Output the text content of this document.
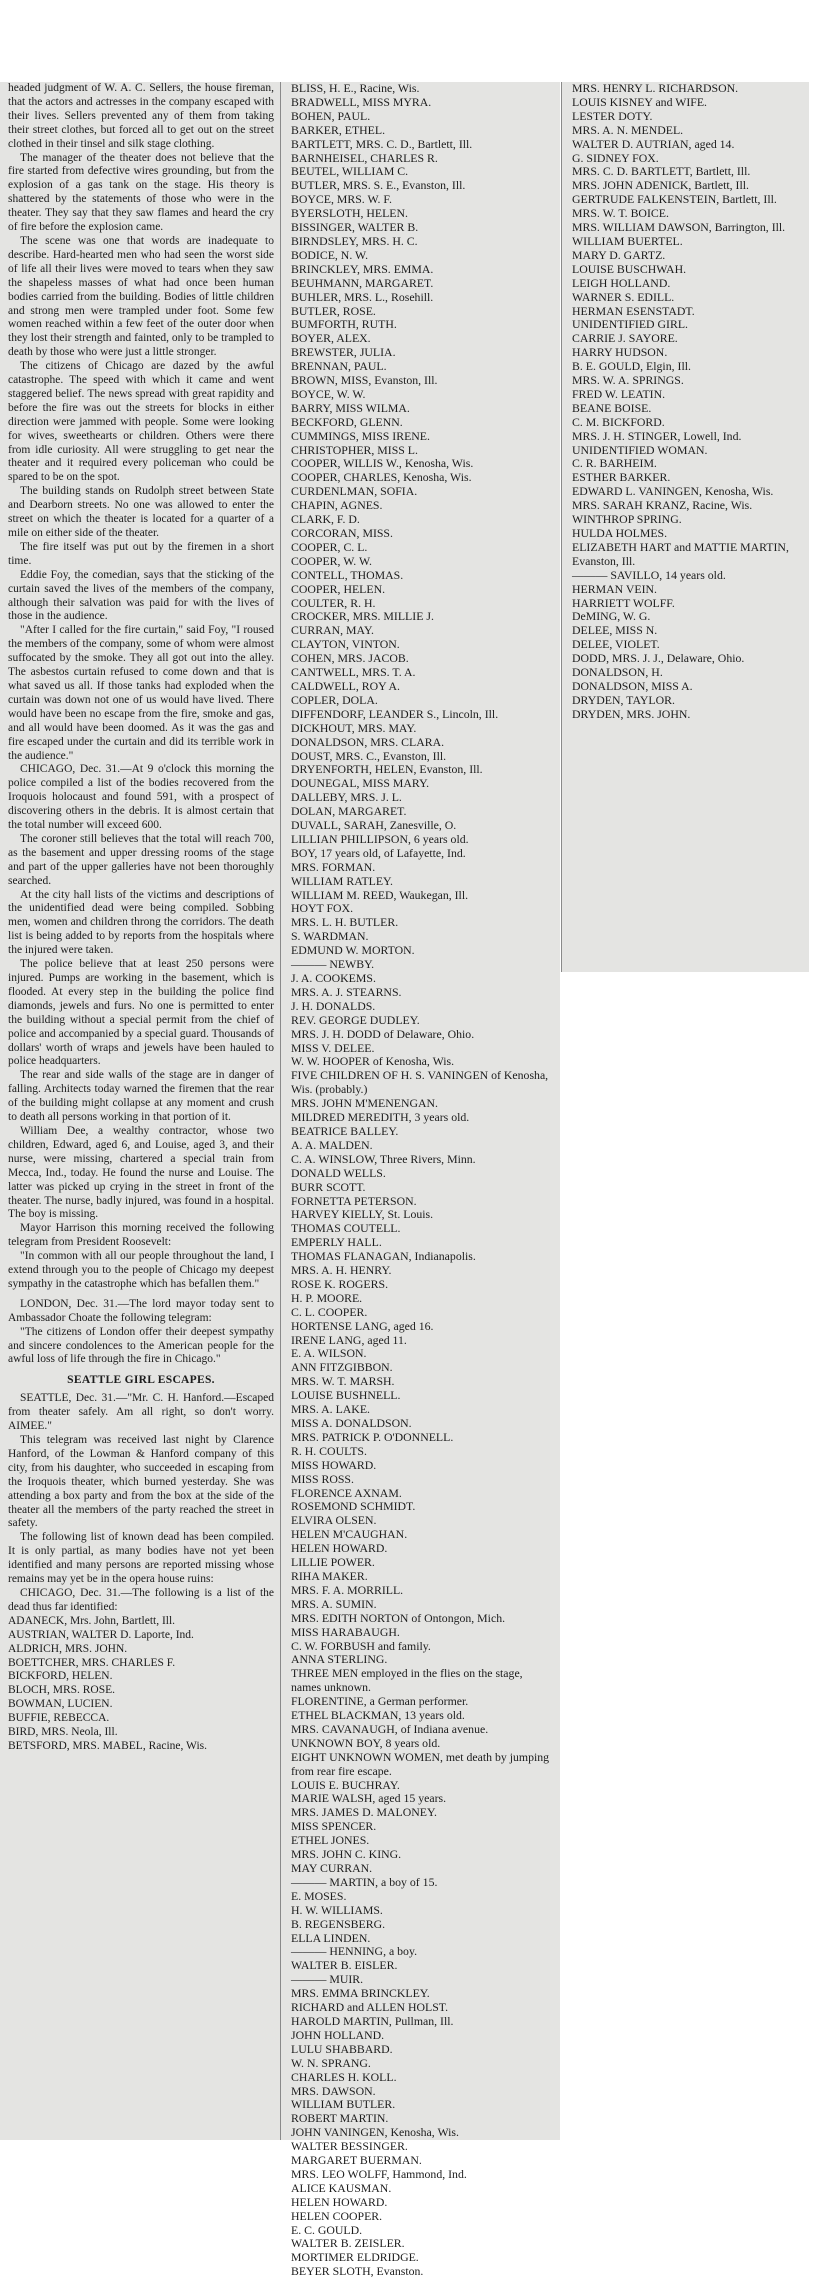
headed judgment of W. A. C. Sellers, the house fireman, that the actors and actresses in the company escaped with their lives. Sellers prevented any of them from taking their street clothes, but forced all to get out on the street clothed in their tinsel and silk stage clothing.

The manager of the theater does not believe that the fire started from defective wires grounding, but from the explosion of a gas tank on the stage. His theory is shattered by the statements of those who were in the theater. They say that they saw flames and heard the cry of fire before the explosion came.

The scene was one that words are inadequate to describe. Hard-hearted men who had seen the worst side of life all their lives were moved to tears when they saw the shapeless masses of what had once been human bodies carried from the building. Bodies of little children and strong men were trampled under foot. Some few women reached within a few feet of the outer door when they lost their strength and fainted, only to be trampled to death by those who were just a little stronger.

The citizens of Chicago are dazed by the awful catastrophe. The speed with which it came and went staggered belief. The news spread with great rapidity and before the fire was out the streets for blocks in either direction were jammed with people. Some were looking for wives, sweethearts or children. Others were there from idle curiosity. All were struggling to get near the theater and it required every policeman who could be spared to be on the spot.

The building stands on Rudolph street between State and Dearborn streets. No one was allowed to enter the street on which the theater is located for a quarter of a mile on either side of the theater.

The fire itself was put out by the firemen in a short time.

Eddie Foy, the comedian, says that the sticking of the curtain saved the lives of the members of the company, although their salvation was paid for with the lives of those in the audience.

"After I called for the fire curtain," said Foy, "I roused the members of the company, some of whom were almost suffocated by the smoke. They all got out into the alley. The asbestos curtain refused to come down and that is what saved us all. If those tanks had exploded when the curtain was down not one of us would have lived. There would have been no escape from the fire, smoke and gas, and all would have been doomed. As it was the gas and fire escaped under the curtain and did its terrible work in the audience."

CHICAGO, Dec. 31.—At 9 o'clock this morning the police compiled a list of the bodies recovered from the Iroquois holocaust and found 591, with a prospect of discovering others in the debris. It is almost certain that the total number will exceed 600.

The coroner still believes that the total will reach 700, as the basement and upper dressing rooms of the stage and part of the upper galleries have not been thoroughly searched.

At the city hall lists of the victims and descriptions of the unidentified dead were being compiled. Sobbing men, women and children throng the corridors. The death list is being added to by reports from the hospitals where the injured were taken.

The police believe that at least 250 persons were injured. Pumps are working in the basement, which is flooded. At every step in the building the police find diamonds, jewels and furs. No one is permitted to enter the building without a special permit from the chief of police and accompanied by a special guard. Thousands of dollars' worth of wraps and jewels have been hauled to police headquarters.

The rear and side walls of the stage are in danger of falling. Architects today warned the firemen that the rear of the building might collapse at any moment and crush to death all persons working in that portion of it.

William Dee, a wealthy contractor, whose two children, Edward, aged 6, and Louise, aged 3, and their nurse, were missing, chartered a special train from Mecca, Ind., today. He found the nurse and Louise. The latter was picked up crying in the street in front of the theater. The nurse, badly injured, was found in a hospital. The boy is missing.

Mayor Harrison this morning received the following telegram from President Roosevelt:

"In common with all our people throughout the land, I extend through you to the people of Chicago my deepest sympathy in the catastrophe which has befallen them."

LONDON, Dec. 31.—The lord mayor today sent to Ambassador Choate the following telegram:

"The citizens of London offer their deepest sympathy and sincere condolences to the American people for the awful loss of life through the fire in Chicago."

SEATTLE GIRL ESCAPES.

SEATTLE, Dec. 31.—"Mr. C. H. Hanford.—Escaped from theater safely. Am all right, so don't worry. AIMEE."

This telegram was received last night by Clarence Hanford, of the Lowman & Hanford company of this city, from his daughter, who succeeded in escaping from the Iroquois theater, which burned yesterday. She was attending a box party and from the box at the side of the theater all the members of the party reached the street in safety.

The following list of known dead has been compiled. It is only partial, as many bodies have not yet been identified and many persons are reported missing whose remains may yet be in the opera house ruins:

CHICAGO, Dec. 31.—The following is a list of the dead thus far identified:

ADANECK, Mrs. John, Bartlett, Ill.
AUSTRIAN, WALTER D. Laporte, Ind.
ALDRICH, MRS. JOHN.
BOETTCHER, MRS. CHARLES F.
BICKFORD, HELEN.
BLOCH, MRS. ROSE.
BOWMAN, LUCIEN.
BUFFIE, REBECCA.
BIRD, MRS. Neola, Ill.
BETSFORD, MRS. MABEL, Racine, Wis.
BLISS, H. E., Racine, Wis.
BRADWELL, MISS MYRA.
BOHEN, PAUL.
BARKER, ETHEL.
BARTLETT, MRS. C. D., Bartlett, Ill.
BARNHEISEL, CHARLES R.
BEUTEL, WILLIAM C.
BUTLER, MRS. S. E., Evanston, Ill.
BOYCE, MRS. W. F.
BYERSLOTH, HELEN.
BISSINGER, WALTER B.
BIRNDSLEY, MRS. H. C.
BODICE, N. W.
BRINCKLEY, MRS. EMMA.
BEUHMANN, MARGARET.
BUHLER, MRS. L., Rosehill.
BUTLER, ROSE.
BUMFORTH, RUTH.
BOYER, ALEX.
BREWSTER, JULIA.
BRENNAN, PAUL.
BROWN, MISS, Evanston, Ill.
BOYCE, W. W.
BARRY, MISS WILMA.
BECKFORD, GLENN.
CUMMINGS, MISS IRENE.
CHRISTOPHER, MISS L.
COOPER, WILLIS W., Kenosha, Wis.
COOPER, CHARLES, Kenosha, Wis.
CURDENLMAN, SOFIA.
CHAPIN, AGNES.
CLARK, F. D.
CORCORAN, MISS.
COOPER, C. L.
COOPER, W. W.
CONTELL, THOMAS.
COOPER, HELEN.
COULTER, R. H.
CROCKER, MRS. MILLIE J.
CURRAN, MAY.
CLAYTON, VINTON.
COHEN, MRS. JACOB.
CANTWELL, MRS. T. A.
CALDWELL, ROY A.
COPLER, DOLA.
DIFFENDORF, LEANDER S., Lincoln, Ill.
DICKHOUT, MRS. MAY.
DONALDSON, MRS. CLARA.
DOUST, MRS. C., Evanston, Ill.
DRYENFORTH, HELEN, Evanston, Ill.
DOUNEGAL, MISS MARY.
DALLEBY, MRS. J. L.
DOLAN, MARGARET.
DUVALL, SARAH, Zanesville, O.
LILLIAN PHILLIPSON, 6 years old.
BOY, 17 years old, of Lafayette, Ind.
MRS. FORMAN.
WILLIAM RATLEY.
WILLIAM M. REED, Waukegan, Ill.
HOYT FOX.
MRS. L. H. BUTLER.
S. WARDMAN.
EDMUND W. MORTON.
——— NEWBY.
J. A. COOKEMS.
MRS. A. J. STEARNS.
J. H. DONALDS.
REV. GEORGE DUDLEY.
MRS. J. H. DODD of Delaware, Ohio.
MISS V. DELEE.
W. W. HOOPER of Kenosha, Wis.
FIVE CHILDREN OF H. S. VANINGEN of Kenosha, Wis. (probably.)
MRS. JOHN M'MENENGAN.
MILDRED MEREDITH, 3 years old.
BEATRICE BALLEY.
A. A. MALDEN.
C. A. WINSLOW, Three Rivers, Minn.
DONALD WELLS.
BURR SCOTT.
FORNETTA PETERSON.
HARVEY KIELLY, St. Louis.
THOMAS COUTELL.
EMPERLY HALL.
THOMAS FLANAGAN, Indianapolis.
MRS. A. H. HENRY.
ROSE K. ROGERS.
H. P. MOORE.
C. L. COOPER.
HORTENSE LANG, aged 16.
IRENE LANG, aged 11.
E. A. WILSON.
ANN FITZGIBBON.
MRS. W. T. MARSH.
LOUISE BUSHNELL.
MRS. A. LAKE.
MISS A. DONALDSON.
MRS. PATRICK P. O'DONNELL.
R. H. COULTS.
MISS HOWARD.
MISS ROSS.
FLORENCE AXNAM.
ROSEMOND SCHMIDT.
ELVIRA OLSEN.
HELEN M'CAUGHAN.
HELEN HOWARD.
LILLIE POWER.
RIHA MAKER.
MRS. F. A. MORRILL.
MRS. A. SUMIN.
MRS. EDITH NORTON of Ontongon, Mich.
MISS HARABAUGH.
C. W. FORBUSH and family.
ANNA STERLING.
THREE MEN employed in the flies on the stage, names unknown.
FLORENTINE, a German performer.
ETHEL BLACKMAN, 13 years old.
MRS. CAVANAUGH, of Indiana avenue.
UNKNOWN BOY, 8 years old.
EIGHT UNKNOWN WOMEN, met death by jumping from rear fire escape.
LOUIS E. BUCHRAY.
MARIE WALSH, aged 15 years.
MRS. JAMES D. MALONEY.
MISS SPENCER.
ETHEL JONES.
MRS. JOHN C. KING.
MAY CURRAN.
——— MARTIN, a boy of 15.
E. MOSES.
H. W. WILLIAMS.
B. REGENSBERG.
ELLA LINDEN.
——— HENNING, a boy.
WALTER B. EISLER.
——— MUIR.
MRS. EMMA BRINCKLEY.
RICHARD and ALLEN HOLST.
HAROLD MARTIN, Pullman, Ill.
JOHN HOLLAND.
LULU SHABBARD.
W. N. SPRANG.
CHARLES H. KOLL.
MRS. DAWSON.
WILLIAM BUTLER.
ROBERT MARTIN.
JOHN VANINGEN, Kenosha, Wis.
WALTER BESSINGER.
MARGARET BUERMAN.
MRS. LEO WOLFF, Hammond, Ind.
ALICE KAUSMAN.
HELEN HOWARD.
HELEN COOPER.
E. C. GOULD.
WALTER B. ZEISLER.
MORTIMER ELDRIDGE.
BEYER SLOTH, Evanston.
MRS. HENRY L. RICHARDSON.
LOUIS KISNEY and WIFE.
LESTER DOTY.
MRS. A. N. MENDEL.
WALTER D. AUTRIAN, aged 14.
G. SIDNEY FOX.
MRS. C. D. BARTLETT, Bartlett, Ill.
MRS. JOHN ADENICK, Bartlett, Ill.
GERTRUDE FALKENSTEIN, Bartlett, Ill.
MRS. W. T. BOICE.
MRS. WILLIAM DAWSON, Barrington, Ill.
WILLIAM BUERTEL.
MARY D. GARTZ.
LOUISE BUSCHWAH.
LEIGH HOLLAND.
WARNER S. EDILL.
HERMAN ESENSTADT.
UNIDENTIFIED GIRL.
CARRIE J. SAYORE.
HARRY HUDSON.
B. E. GOULD, Elgin, Ill.
MRS. W. A. SPRINGS.
FRED W. LEATIN.
BEANE BOISE.
C. M. BICKFORD.
MRS. J. H. STINGER, Lowell, Ind.
UNIDENTIFIED WOMAN.
C. R. BARHEIM.
ESTHER BARKER.
EDWARD L. VANINGEN, Kenosha, Wis.
MRS. SARAH KRANZ, Racine, Wis.
WINTHROP SPRING.
HULDA HOLMES.
ELIZABETH HART and MATTIE MARTIN, Evanston, Ill.
——— SAVILLO, 14 years old.
HERMAN VEIN.
HARRIETT WOLFF.
DeMING, W. G.
DELEE, MISS N.
DELEE, VIOLET.
DODD, MRS. J. J., Delaware, Ohio.
DONALDSON, H.
DONALDSON, MISS A.
DRYDEN, TAYLOR.
DRYDEN, MRS. JOHN.
